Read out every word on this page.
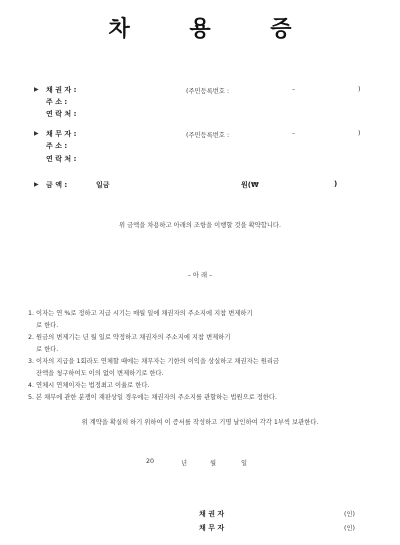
차 용 증
▶ 채 권 자 :	(주민등록번호 :	–	)
주 소 :
연 락 처 :
▶ 채 무 자 :	(주민등록번호 :	–	)
주 소 :
연 락 처 :
▶ 금 액 :	일금	원(₩	)
위 금액을 차용하고 아래의 조항을 이행할 것을 확약합니다.
– 아 래 –
1. 이자는 연 %로 정하고 지급 시기는 매월 일에 채권자의 주소지에 지참 변제하기
로 한다.
2. 원금의 변제기는 년 월 일로 약정하고 채권자의 주소지에 지참 변제하기
로 한다.
3. 이자의 지급을 1회라도 연체할 때에는 채무자는 기한의 이익을 상실하고 채권자는 원리금
잔액을 청구하여도 이의 없이 변제하기로 한다.
4. 연체시 연체이자는 법정최고 이율로 한다.
5. 본 채무에 관한 분쟁이 재판상일 경우에는 채권자의 주소지를 관할하는 법원으로 정한다.
위 계약을 확실히 하기 위하여 이 증서를 작성하고 기명 날인하여 각각 1부씩 보관한다.
20	년	월	일
채 권 자	(인)
채 무 자	(인)
